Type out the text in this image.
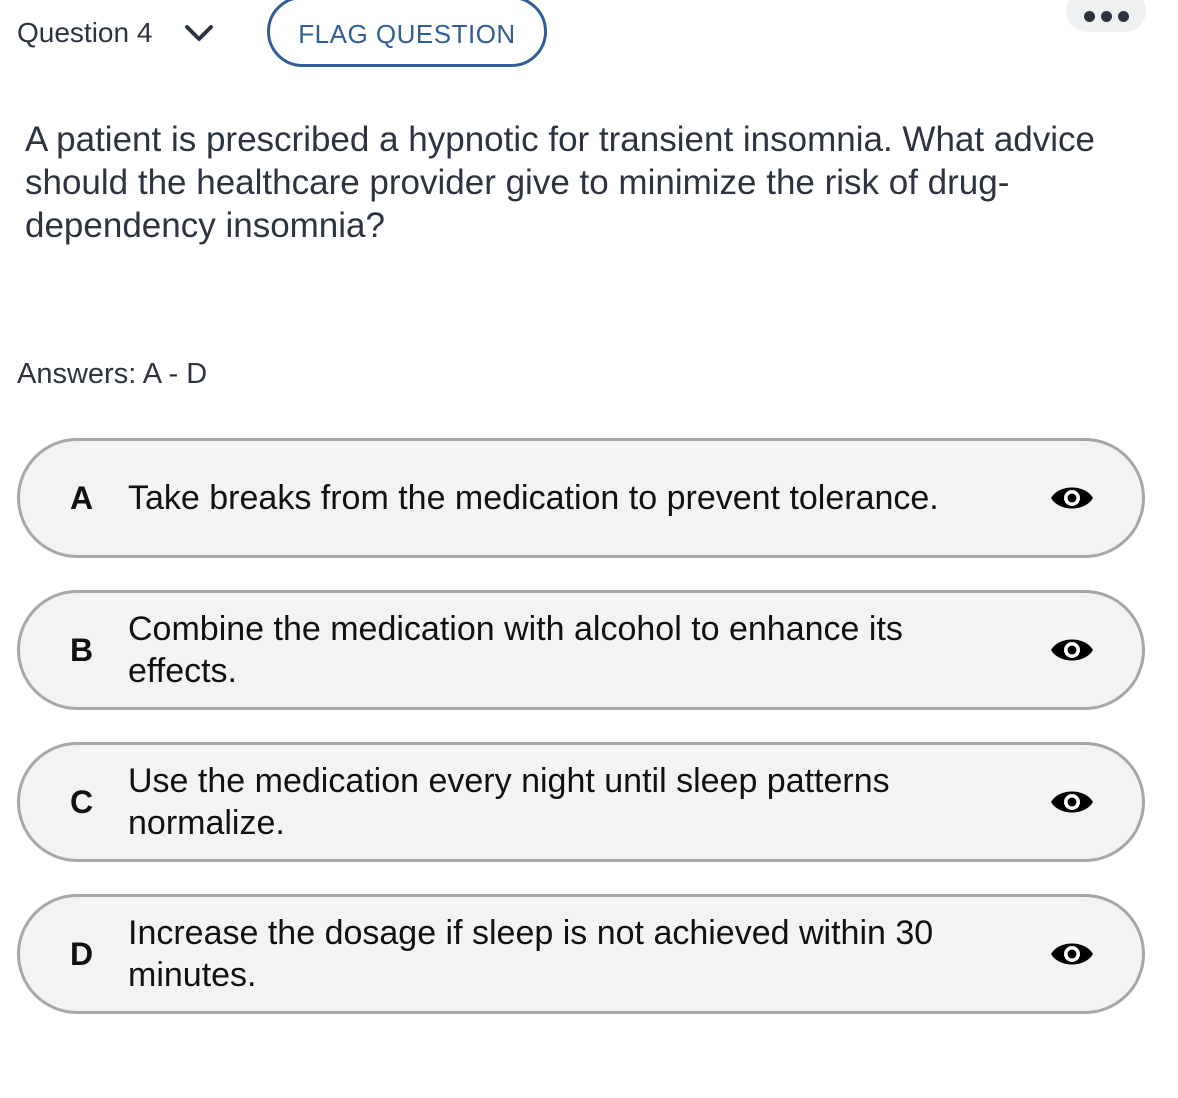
Question 4	FLAG QUESTION
A patient is prescribed a hypnotic for transient insomnia. What advice should the healthcare provider give to minimize the risk of drug-dependency insomnia?
Answers: A - D
A Take breaks from the medication to prevent tolerance.
B
Combine the medication with alcohol to enhance its effects.
C
Use the medication every night until sleep patterns normalize.
D
Increase the dosage if sleep is not achieved within 30 minutes.
